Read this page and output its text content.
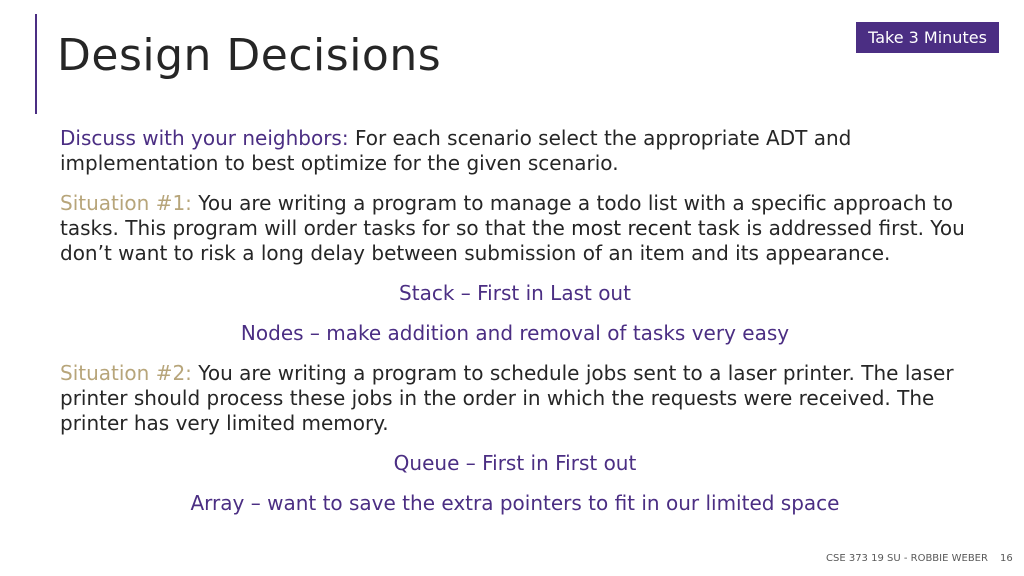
Design Decisions	Take 3 Minutes

Discuss with your neighbors: For each scenario select the appropriate ADT and implementation to best optimize for the given scenario.

Situation #1: You are writing a program to manage a todo list with a specific approach to tasks. This program will order tasks for so that the most recent task is addressed first. You don’t want to risk a long delay between submission of an item and its appearance.

Stack – First in Last out

Nodes – make addition and removal of tasks very easy

Situation #2: You are writing a program to schedule jobs sent to a laser printer. The laser printer should process these jobs in the order in which the requests were received. The printer has very limited memory.

Queue – First in First out

Array – want to save the extra pointers to fit in our limited space

CSE 373 19 SU - ROBBIE WEBER 16
